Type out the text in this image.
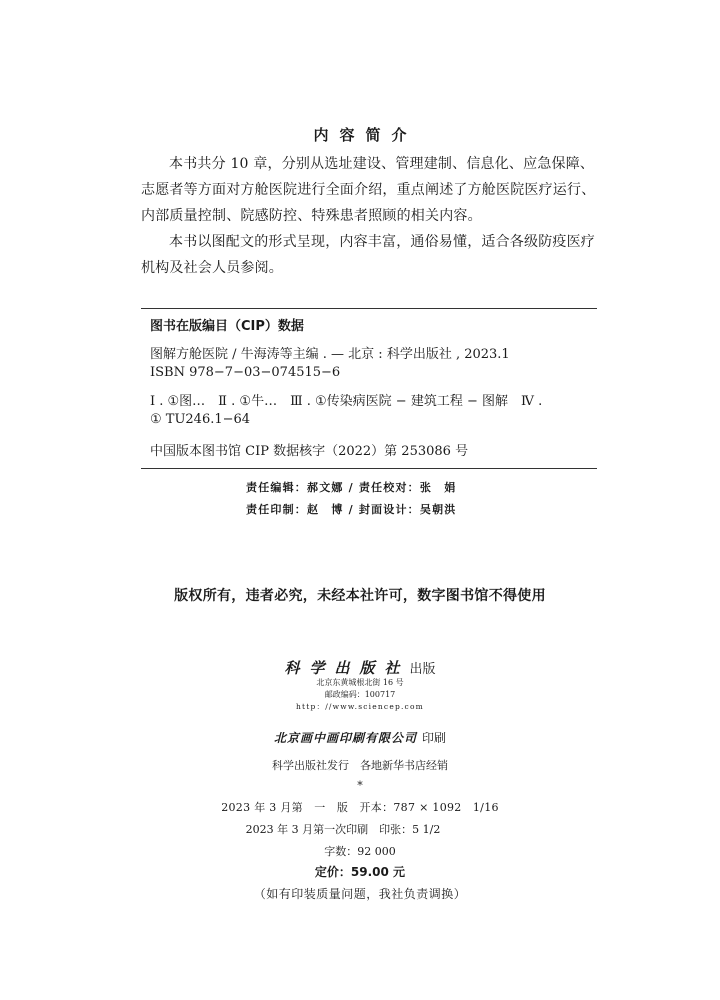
内容简介

本书共分 10 章，分别从选址建设、管理建制、信息化、应急保障、志愿者等方面对方舱医院进行全面介绍，重点阐述了方舱医院医疗运行、内部质量控制、院感防控、特殊患者照顾的相关内容。

本书以图配文的形式呈现，内容丰富，通俗易懂，适合各级防疫医疗机构及社会人员参阅。

图书在版编目（CIP）数据
图解方舱医院 / 牛海涛等主编 . — 北京 : 科学出版社 , 2023.1
ISBN 978−7−03−074515−6
Ⅰ . ①图…　Ⅱ . ①牛…　Ⅲ . ①传染病医院 − 建筑工程 − 图解　Ⅳ .
① TU246.1−64
中国版本图书馆 CIP 数据核字（2022）第 253086 号
责任编辑：郝文娜 / 责任校对：张　娟
责任印制：赵　博 / 封面设计：吴朝洪
版权所有，违者必究，未经本社许可，数字图书馆不得使用
科学出版社出版
北京东黄城根北街 16 号
邮政编码：100717
http：//www.sciencep.com
北京画中画印刷有限公司 印刷
科学出版社发行　各地新华书店经销
*
2023 年 3 月第　一　版　开本：787 × 1092　1/16
2023 年 3 月第一次印刷　印张：5 1/2
字数：92 000
定价：59.00 元
（如有印装质量问题，我社负责调换）
